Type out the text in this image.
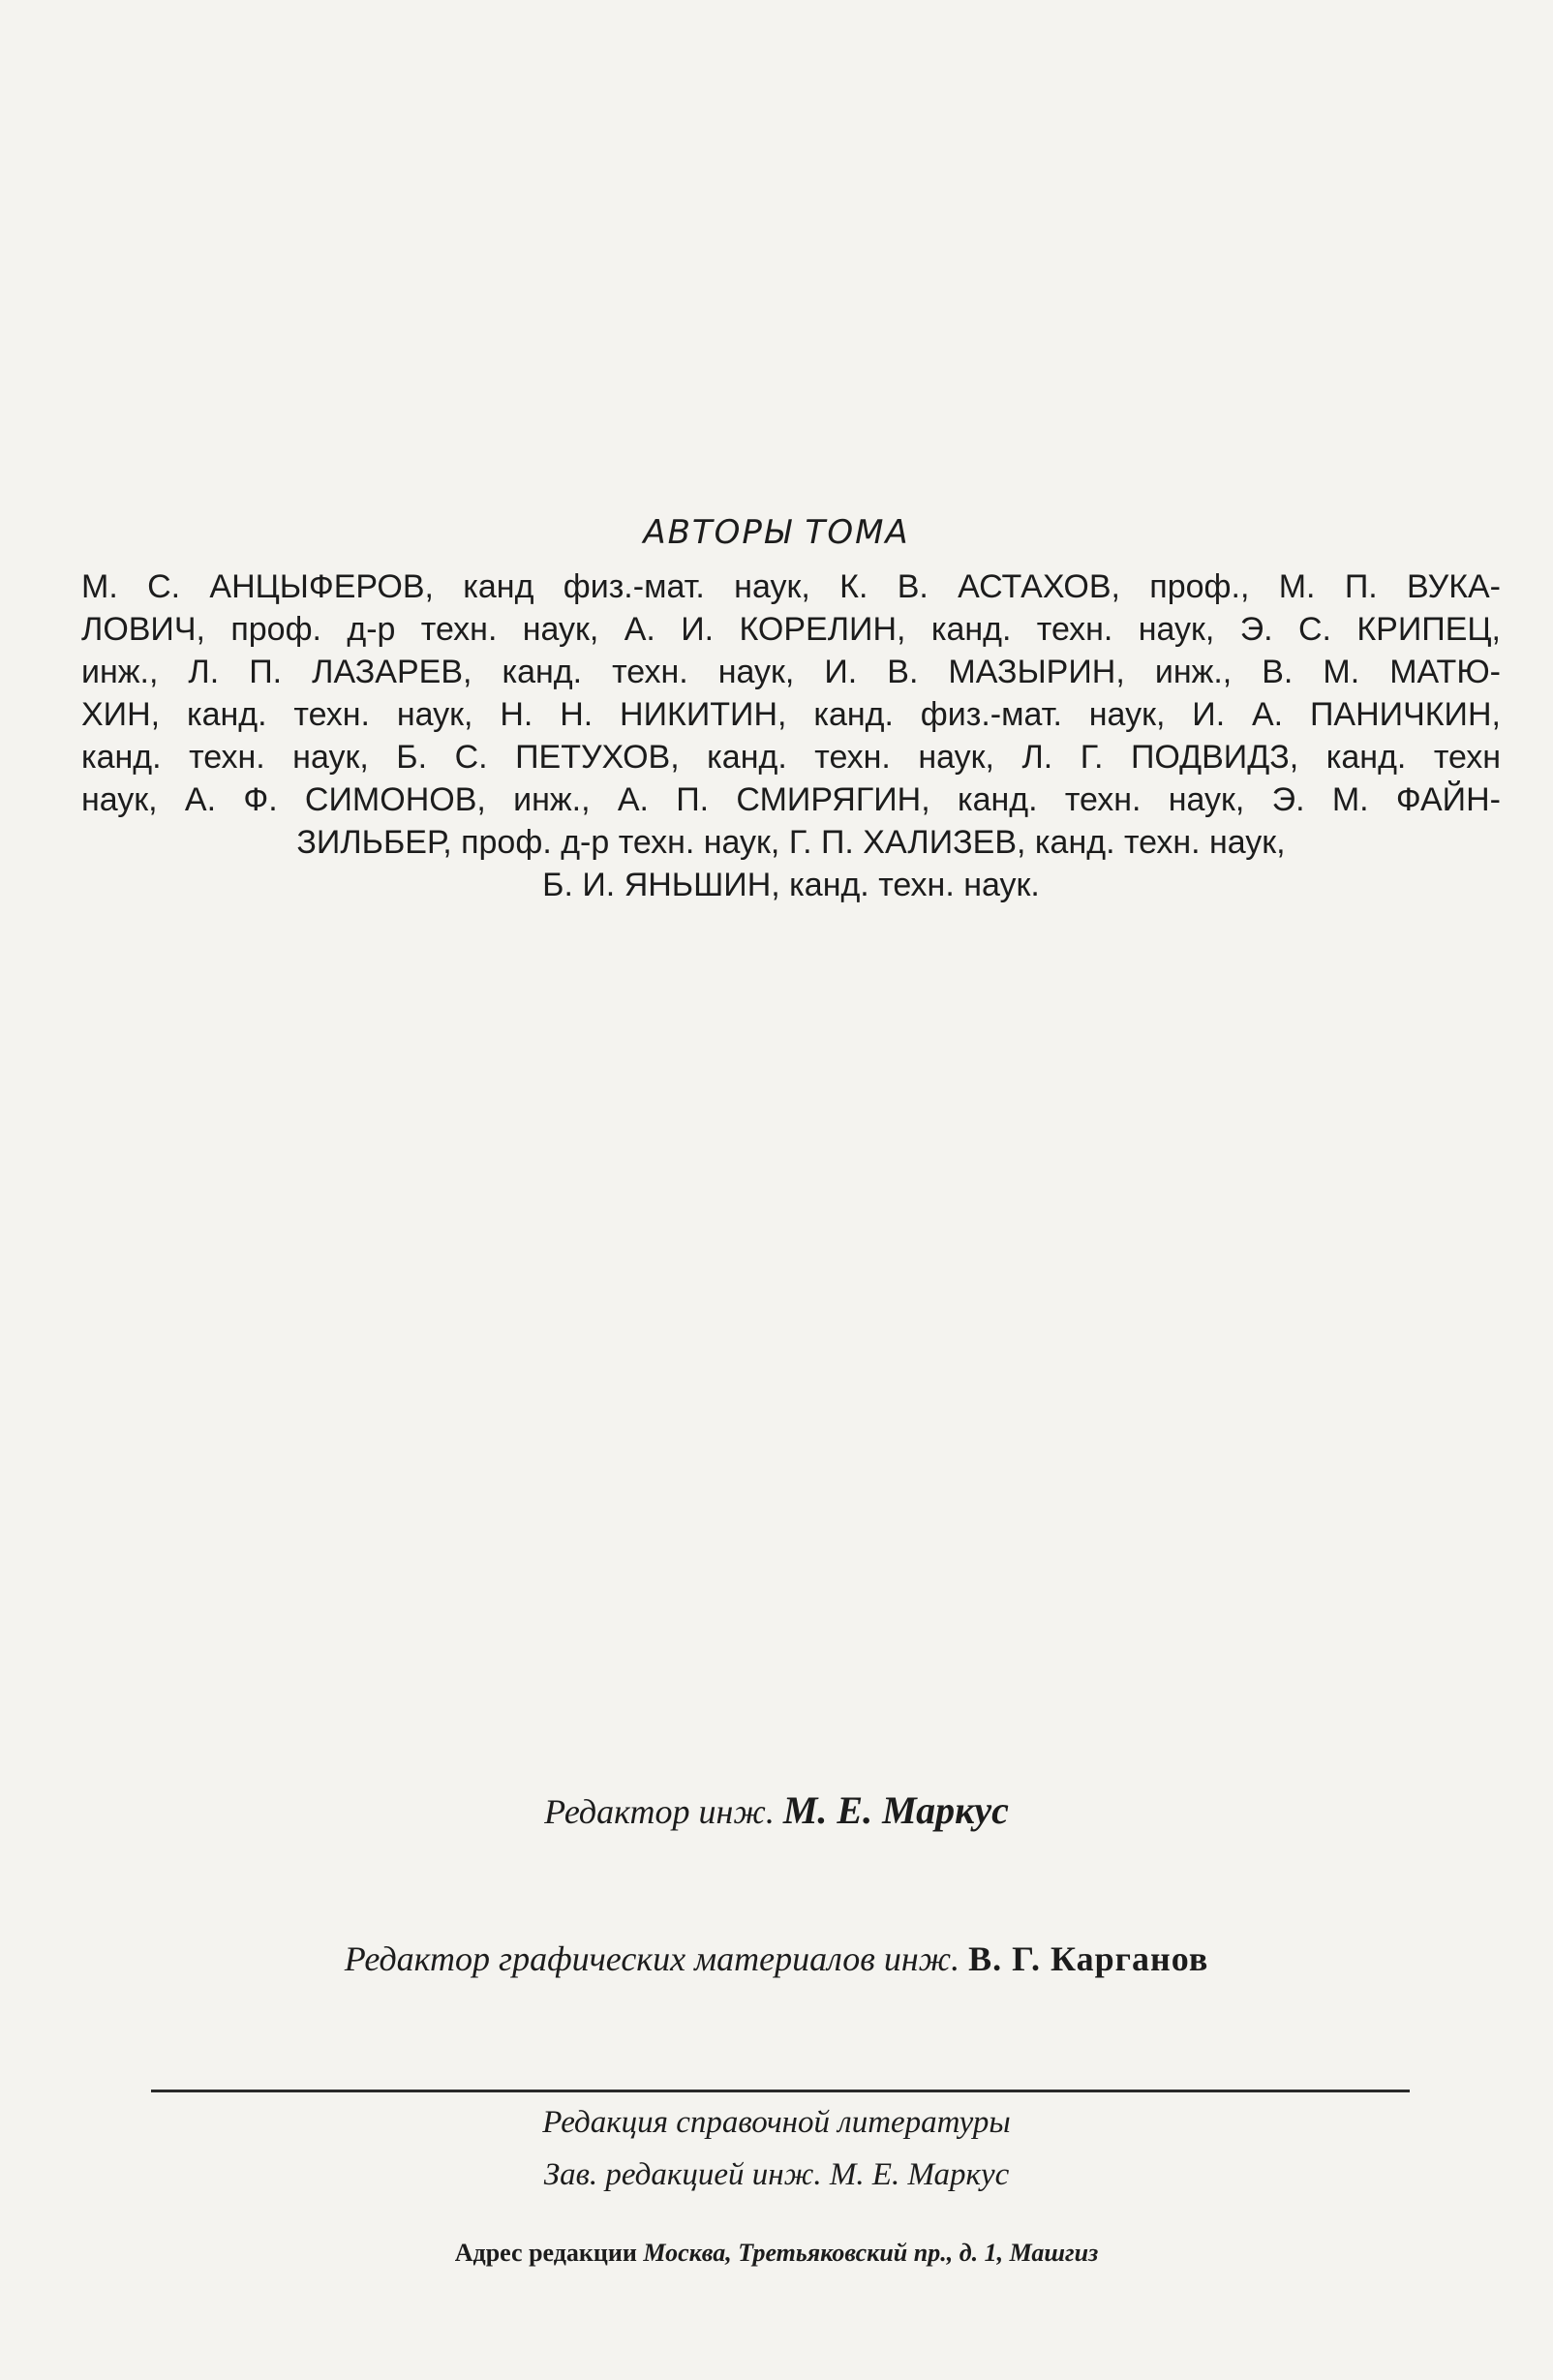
АВТОРЫ ТОМА
М. С. АНЦЫФЕРОВ, канд физ.-мат. наук, К. В. АСТАХОВ, проф., М. П. ВУКА-
ЛОВИЧ, проф. д-р техн. наук, А. И. КОРЕЛИН, канд. техн. наук, Э. С. КРИПЕЦ,
инж., Л. П. ЛАЗАРЕВ, канд. техн. наук, И. В. МАЗЫРИН, инж., В. М. МАТЮ-
ХИН, канд. техн. наук, Н. Н. НИКИТИН, канд. физ.-мат. наук, И. А. ПАНИЧКИН,
канд. техн. наук, Б. С. ПЕТУХОВ, канд. техн. наук, Л. Г. ПОДВИДЗ, канд. техн
наук, А. Ф. СИМОНОВ, инж., А. П. СМИРЯГИН, канд. техн. наук, Э. М. ФАЙН-
ЗИЛЬБЕР, проф. д-р техн. наук, Г. П. ХАЛИЗЕВ, канд. техн. наук,
Б. И. ЯНЬШИН, канд. техн. наук.
Редактор инж. М. Е. Маркус
Редактор графических материалов инж. В. Г. Карганов
Редакция справочной литературы
Зав. редакцией инж. М. Е. Маркус
Адрес редакции Москва, Третьяковский пр., д. 1, Машгиз
